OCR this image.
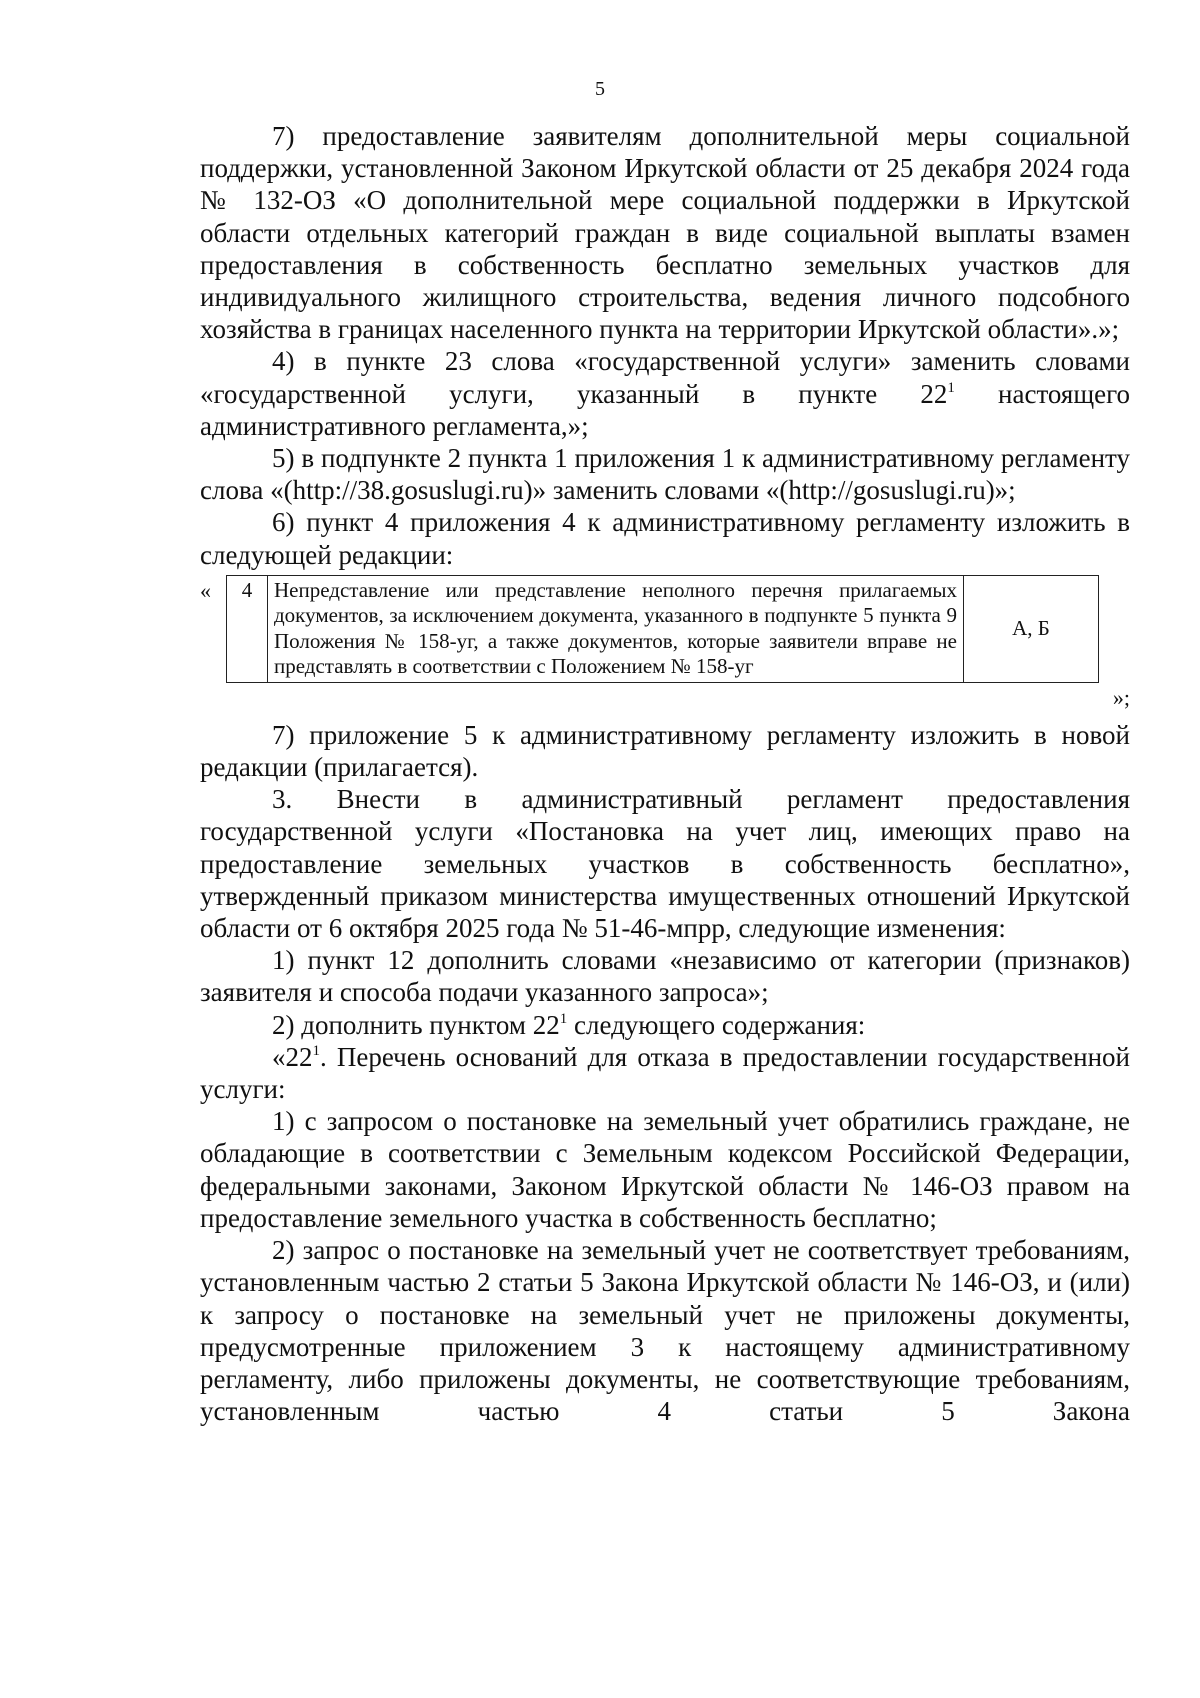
5

7) предоставление заявителям дополнительной меры социальной поддержки, установленной Законом Иркутской области от 25 декабря 2024 года № 132-ОЗ «О дополнительной мере социальной поддержки в Иркутской области отдельных категорий граждан в виде социальной выплаты взамен предоставления в собственность бесплатно земельных участков для индивидуального жилищного строительства, ведения личного подсобного хозяйства в границах населенного пункта на территории Иркутской области».»;

4) в пункте 23 слова «государственной услуги» заменить словами «государственной услуги, указанный в пункте $22^1$ настоящего административного регламента,»;

5) в подпункте 2 пункта 1 приложения 1 к административному регламенту слова «(http://38.gosuslugi.ru)» заменить словами «(http://gosuslugi.ru)»;

6) пункт 4 приложения 4 к административному регламенту изложить в следующей редакции:

« 4	Непредставление или представление неполного перечня прилагаемых документов, за исключением документа, указанного в подпункте 5 пункта 9 Положения № 158-уг, а также документов, которые заявители вправе не представлять в соответствии с Положением № 158-уг	А, Б
»;

7) приложение 5 к административному регламенту изложить в новой редакции (прилагается).

3. Внести в административный регламент предоставления государственной услуги «Постановка на учет лиц, имеющих право на предоставление земельных участков в собственность бесплатно», утвержденный приказом министерства имущественных отношений Иркутской области от 6 октября 2025 года № 51-46-мпрр, следующие изменения:

1) пункт 12 дополнить словами «независимо от категории (признаков) заявителя и способа подачи указанного запроса»;

2) дополнить пунктом $22^1$ следующего содержания:

«$22^1$. Перечень оснований для отказа в предоставлении государственной услуги:

1) с запросом о постановке на земельный учет обратились граждане, не обладающие в соответствии с Земельным кодексом Российской Федерации, федеральными законами, Законом Иркутской области № 146-ОЗ правом на предоставление земельного участка в собственность бесплатно;

2) запрос о постановке на земельный учет не соответствует требованиям, установленным частью 2 статьи 5 Закона Иркутской области № 146-ОЗ, и (или) к запросу о постановке на земельный учет не приложены документы, предусмотренные приложением 3 к настоящему административному регламенту, либо приложены документы, не соответствующие требованиям, установленным частью 4 статьи 5 Закона
